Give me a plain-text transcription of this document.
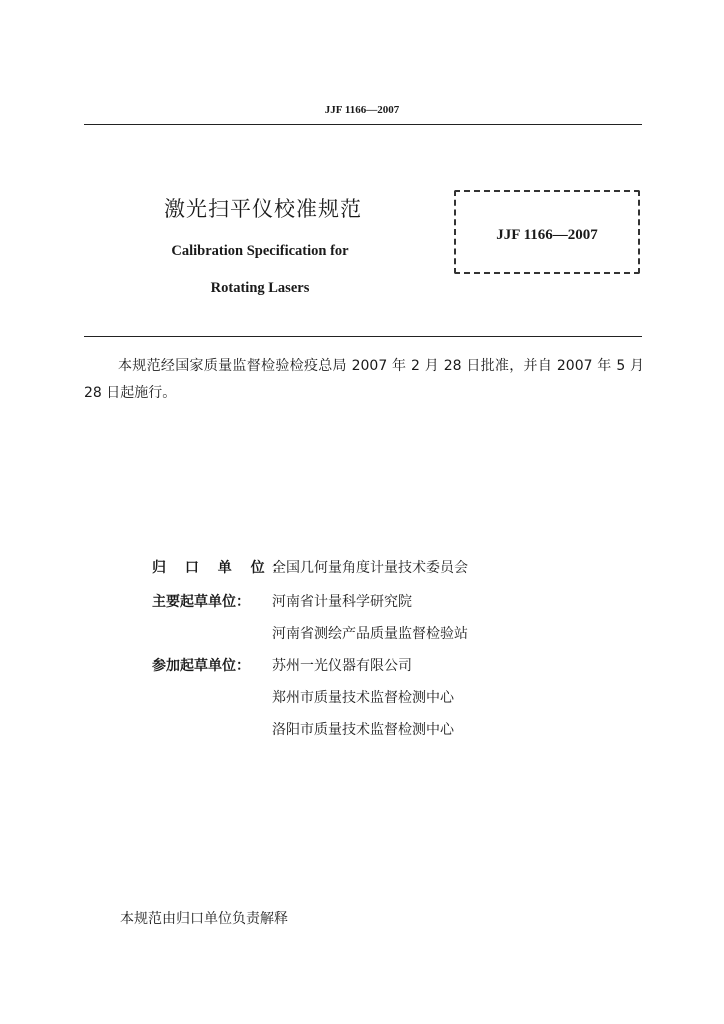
JJF 1166—2007
激光扫平仪校准规范
Calibration Specification for
Rotating Lasers
JJF 1166—2007
本规范经国家质量监督检验检疫总局 2007 年 2 月 28 日批准，并自 2007 年 5 月 28 日起施行。
归 口 单 位：
全国几何量角度计量技术委员会
主要起草单位：	河南省计量科学研究院
河南省测绘产品质量监督检验站
参加起草单位：	苏州一光仪器有限公司
郑州市质量技术监督检测中心
洛阳市质量技术监督检测中心
本规范由归口单位负责解释
